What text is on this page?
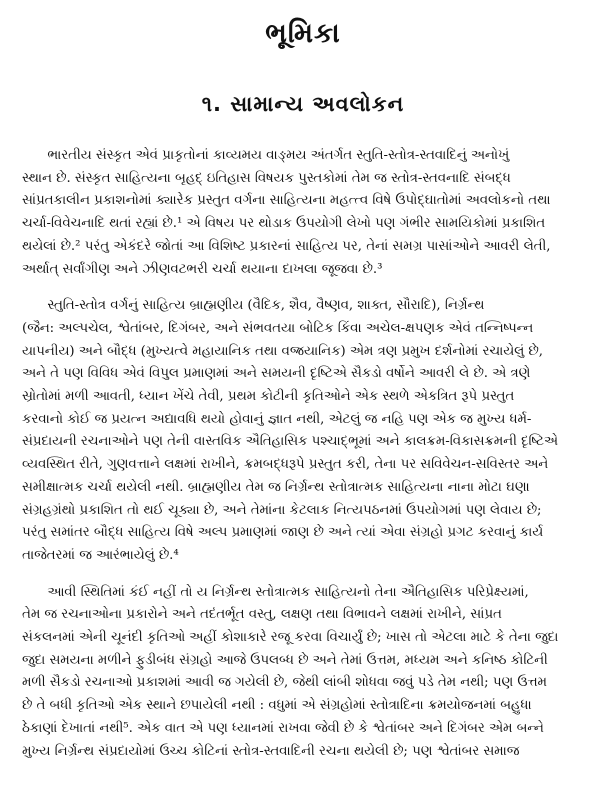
ભૂમિકા
૧. સામાન્ય અવલોકન

ભારતીય સંસ્કૃત એવં પ્રાકૃતોનાં કાવ્યમય વાઙ્મય અંતર્ગત સ્તુતિ-સ્તોત્ર-સ્તવાદિનું અનોખું
સ્થાન છે. સંસ્કૃત સાહિત્યના બૃહદ્ ઇતિહાસ વિષયક પુસ્તકોમાં તેમ જ સ્તોત્ર-સ્તવનાદિ સંબદ્ધ
સાંપ્રતકાલીન પ્રકાશનોમાં ક્યારેક પ્રસ્તુત વર્ગના સાહિત્યના મહત્ત્વ વિષે ઉપોદ્ઘાતોમાં અવલોકનો તથા
ચર્ચા-વિવેચનાદિ થતાં રહ્યાં છે.¹ એ વિષય પર થોડાક ઉપયોગી લેખો પણ ગંભીર સામયિકોમાં પ્રકાશિત
થયેલાં છે.² પરંતુ એકંદરે જોતાં આ વિશિષ્ટ પ્રકારનાં સાહિત્ય પર, તેનાં સમગ્ર પાસાંઓને આવરી લેતી,
અર્થાત્ સર્વાંગીણ અને ઝીણવટભરી ચર્ચા થયાના દાખલા જૂજવા છે.³

સ્તુતિ-સ્તોત્ર વર્ગનું સાહિત્ય બ્રાહ્મણીય (વૈદિક, શૈવ, વૈષ્ણવ, શાક્ત, સૌરાદિ), નિર્ગ્રન્થ
(જૈન: અલ્પચેલ, શ્વેતાંબર, દિગંબર, અને સંભવતયા બોટિક કિંવા અચેલ-ક્ષપણક એવં તન્નિષ્પન્ન
યાપનીય) અને બૌદ્ધ (મુખ્યત્વે મહાયાનિક તથા વજ્રયાનિક) એમ ત્રણ પ્રમુખ દર્શનોમાં રચાયેલું છે,
અને તે પણ વિવિધ એવં વિપુલ પ્રમાણમાં અને સમયની દૃષ્ટિએ સૈકડો વર્ષોને આવરી લે છે. એ ત્રણે
સ્રોતોમાં મળી આવતી, ધ્યાન ખેંચે તેવી, પ્રથમ કોટીની કૃતિઓને એક સ્થળે એકત્રિત રૂપે પ્રસ્તુત
કરવાનો કોઈ જ પ્રયત્ન અદ્યાવધિ થયો હોવાનું જ્ઞાત નથી, એટલું જ નહિ પણ એક જ મુખ્ય ધર્મ-
સંપ્રદાયની રચનાઓને પણ તેની વાસ્તવિક ઐતિહાસિક પશ્ચાદ્ભૂમાં અને કાલક્રમ-વિકાસક્રમની દૃષ્ટિએ
વ્યવસ્થિત રીતે, ગુણવત્તાને લક્ષમાં રાખીને, ક્રમબદ્ધરૂપે પ્રસ્તુત કરી, તેના પર સવિવેચન-સવિસ્તર અને
સમીક્ષાત્મક ચર્ચા થયેલી નથી. બ્રાહ્મણીય તેમ જ નિર્ગ્રન્થ સ્તોત્રાત્મક સાહિત્યના નાના મોટા ઘણા
સંગ્રહગ્રંથો પ્રકાશિત તો થઈ ચૂક્યા છે, અને તેમાંના કેટલાક નિત્યપઠનમાં ઉપયોગમાં પણ લેવાય છે;
પરંતુ સમાંતર બૌદ્ધ સાહિત્ય વિષે અલ્પ પ્રમાણમાં જાણ છે અને ત્યાં એવા સંગ્રહો પ્રગટ કરવાનું કાર્ય
તાજેતરમાં જ આરંભાયેલું છે.⁴

આવી સ્થિતિમાં કંઈ નહીં તો ય નિર્ગ્રન્થ સ્તોત્રાત્મક સાહિત્યનો તેના ઐતિહાસિક પરિપ્રેક્ષ્યમાં,
તેમ જ રચનાઓના પ્રકારોને અને તદંતર્ભૂત વસ્તુ, લક્ષણ તથા વિભાવને લક્ષમાં રાખીને, સાંપ્રત
સંકલનમાં એની ચૂનંદી કૃતિઓ અહીં કોશાકારે રજૂ કરવા વિચાર્યું છે; ખાસ તો એટલા માટે કે તેના જુદા
જુદા સમયના મળીને ફુડીબંધ સંગ્રહો આજે ઉપલબ્ધ છે અને તેમાં ઉત્તમ, મધ્યમ અને કનિષ્ઠ કોટિની
મળી સૈકડો રચનાઓ પ્રકાશમાં આવી જ ગયેલી છે, જેથી લાંબી શોધવા જવું પડે તેમ નથી; પણ ઉત્તમ
છે તે બધી કૃતિઓ એક સ્થાને છપાયેલી નથી : વધુમાં એ સંગ્રહોમાં સ્તોત્રાદિના ક્રમયોજનમાં બહુધા
ઠેકાણાં દેખાતાં નથી⁵. એક વાત એ પણ ધ્યાનમાં રાખવા જેવી છે કે શ્વેતાંબર અને દિગંબર એમ બન્ને
મુખ્ય નિર્ગ્રન્થ સંપ્રદાયોમાં ઉચ્ચ કોટિનાં સ્તોત્ર-સ્તવાદિની રચના થયેલી છે; પણ શ્વેતાંબર સમાજ
